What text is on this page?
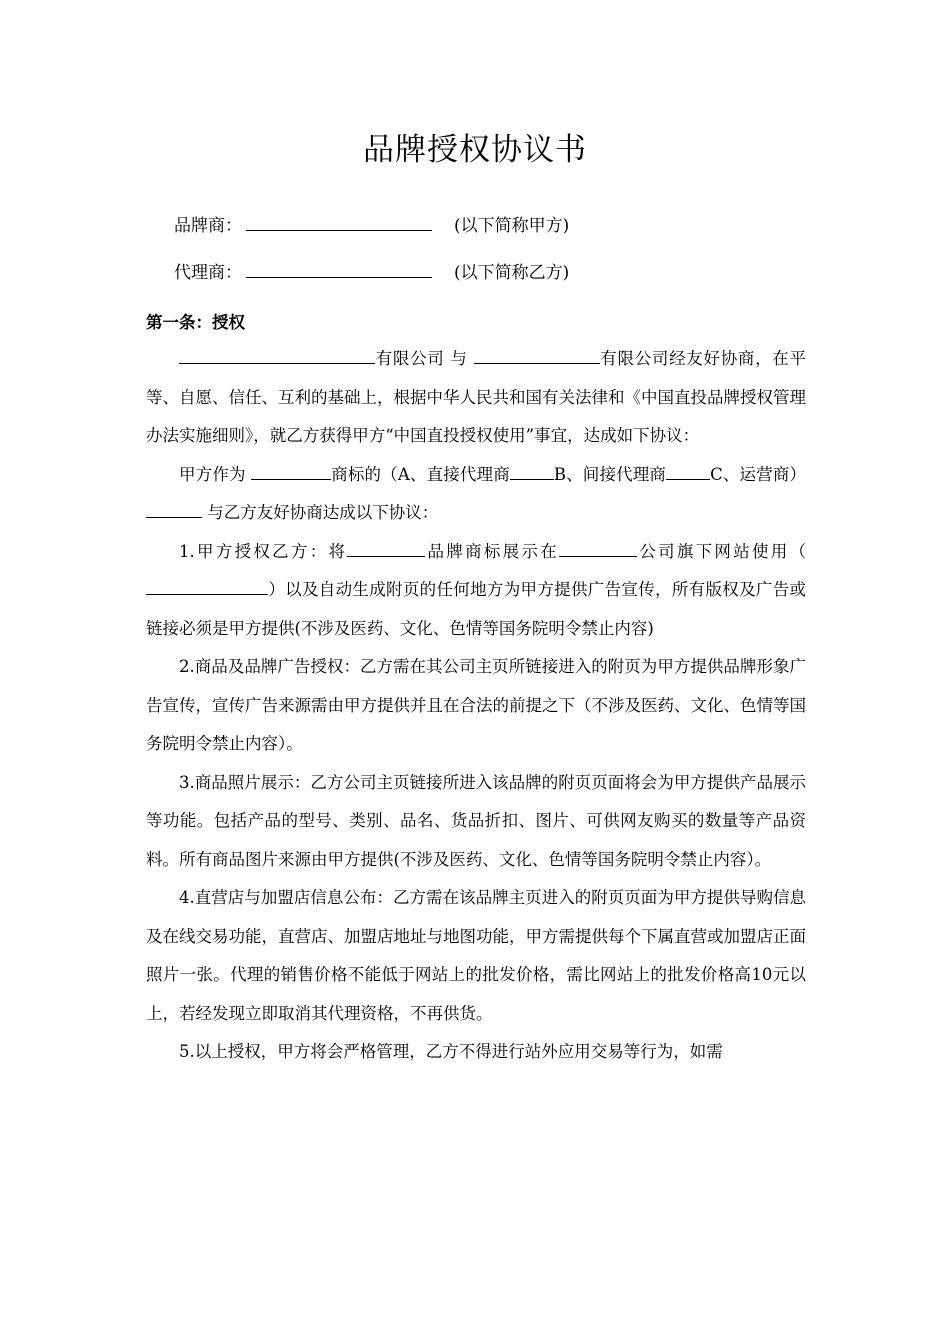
品牌授权协议书
品牌商：	(以下简称甲方)
代理商：	(以下简称乙方)
第一条：授权

有限公司 与	有限公司经友好协商，在平等、自愿、信任、互利的基础上，根据中华人民共和国有关法律和《中国直投品牌授权管理办法实施细则》，就乙方获得甲方“中国直投授权使用”事宜，达成如下协议：

甲方作为	商标的（A、直接代理商	B、间接代理商	C、运营商） 与乙方友好协商达成以下协议：

1.甲方授权乙方：将	品牌商标展示在	公司旗下网站使用（）以及自动生成附页的任何地方为甲方提供广告宣传，所有版权及广告或链接必须是甲方提供(不涉及医药、文化、色情等国务院明令禁止内容)

2.商品及品牌广告授权：乙方需在其公司主页所链接进入的附页为甲方提供品牌形象广告宣传，宣传广告来源需由甲方提供并且在合法的前提之下（不涉及医药、文化、色情等国务院明令禁止内容）。

3.商品照片展示：乙方公司主页链接所进入该品牌的附页页面将会为甲方提供产品展示等功能。包括产品的型号、类别、品名、货品折扣、图片、可供网友购买的数量等产品资料。所有商品图片来源由甲方提供(不涉及医药、文化、色情等国务院明令禁止内容）。

4.直营店与加盟店信息公布：乙方需在该品牌主页进入的附页页面为甲方提供导购信息及在线交易功能，直营店、加盟店地址与地图功能，甲方需提供每个下属直营或加盟店正面照片一张。代理的销售价格不能低于网站上的批发价格，需比网站上的批发价格高10元以上，若经发现立即取消其代理资格，不再供货。

5.以上授权，甲方将会严格管理，乙方不得进行站外应用交易等行为，如需
